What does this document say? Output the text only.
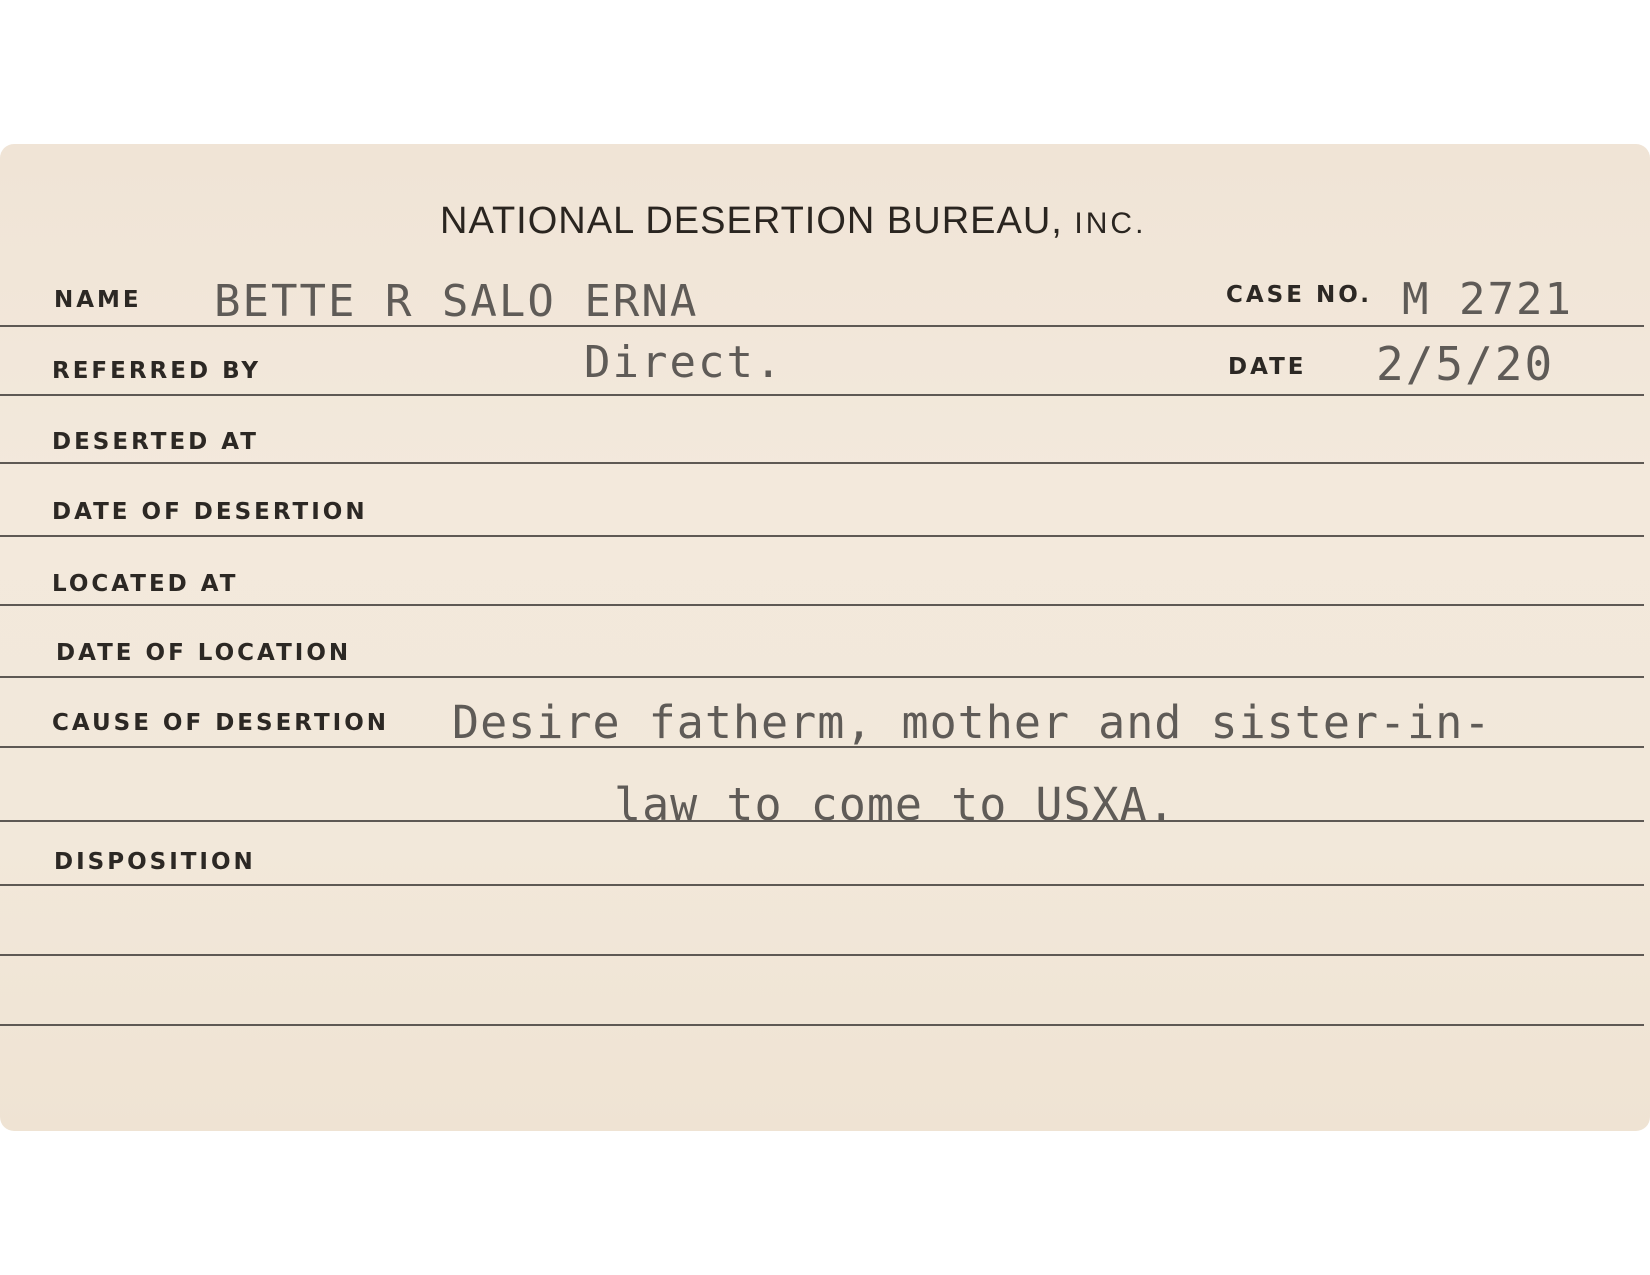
NATIONAL DESERTION BUREAU, INC.
NAME BETTE R SALO ERNA	CASE NO. M 2721
REFERRED BY	Direct.	DATE 2/5/20
DESERTED AT
DATE OF DESERTION
LOCATED AT
DATE OF LOCATION
CAUSE OF DESERTION Desire fatherm, mother and sister-in-
law to come to USXA.
DISPOSITION
